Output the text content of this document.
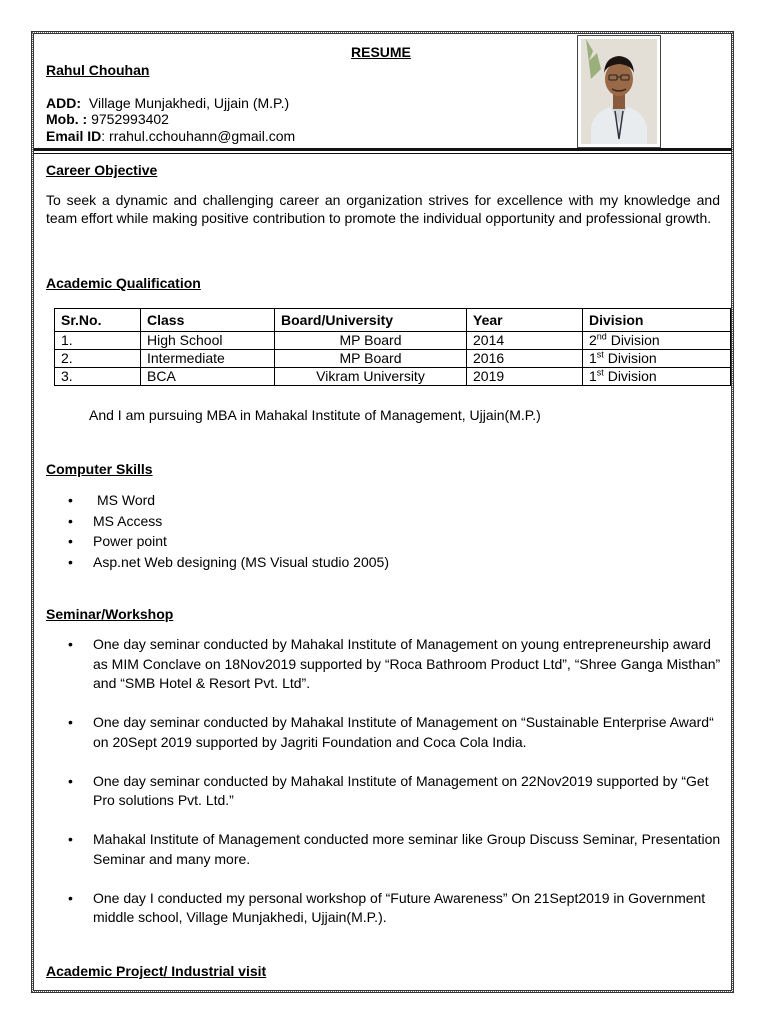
RESUME
Rahul Chouhan
ADD: Village Munjakhedi, Ujjain (M.P.)
Mob. : 9752993402
Email ID: rrahul.cchouhann@gmail.com
Career Objective
To seek a dynamic and challenging career an organization strives for excellence with my knowledge and team effort while making positive contribution to promote the individual opportunity and professional growth.
Academic Qualification
Sr.No.	Class	Board/University	Year	Division
1.	High School	MP Board	2014	2nd Division
2.	Intermediate	MP Board	2016	1st Division
3.	BCA	Vikram University	2019	1st Division
And I am pursuing MBA in Mahakal Institute of Management, Ujjain(M.P.)
Computer Skills
• MS Word
• MS Access
• Power point
• Asp.net Web designing (MS Visual studio 2005)
Seminar/Workshop
• One day seminar conducted by Mahakal Institute of Management on young entrepreneurship award as MIM Conclave on 18Nov2019 supported by “Roca Bathroom Product Ltd”, “Shree Ganga Misthan” and “SMB Hotel & Resort Pvt. Ltd”.
• One day seminar conducted by Mahakal Institute of Management on “Sustainable Enterprise Award“ on 20Sept 2019 supported by Jagriti Foundation and Coca Cola India.
• One day seminar conducted by Mahakal Institute of Management on 22Nov2019 supported by “Get Pro solutions Pvt. Ltd.”
• Mahakal Institute of Management conducted more seminar like Group Discuss Seminar, Presentation Seminar and many more.
• One day I conducted my personal workshop of “Future Awareness” On 21Sept2019 in Government middle school, Village Munjakhedi, Ujjain(M.P.).
Academic Project/ Industrial visit
